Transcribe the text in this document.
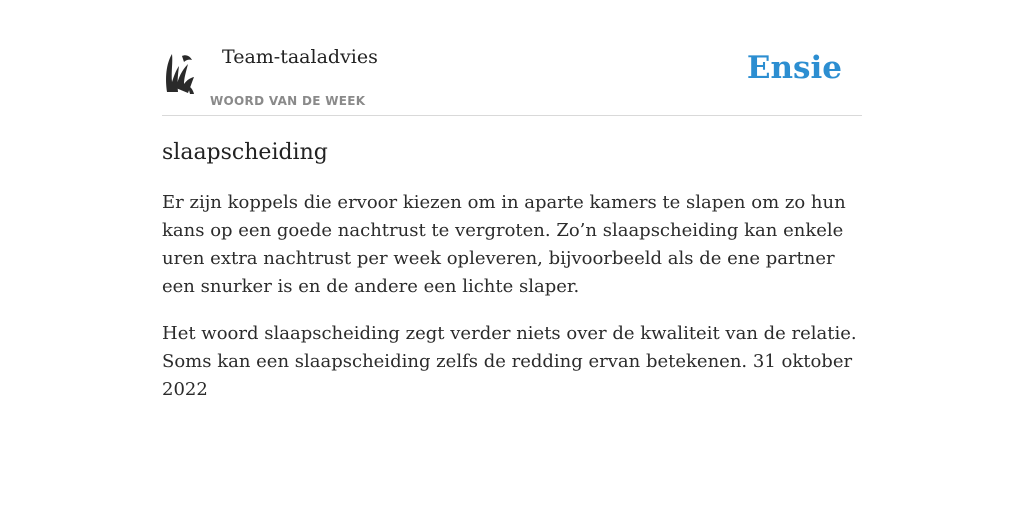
Team-taaladvies
WOORD VAN DE WEEK
Ensie
slaapscheiding

Er zijn koppels die ervoor kiezen om in aparte kamers te slapen om zo hun kans op een goede nachtrust te vergroten. Zo’n slaapscheiding kan enkele uren extra nachtrust per week opleveren, bijvoorbeeld als de ene partner een snurker is en de andere een lichte slaper.

Het woord slaapscheiding zegt verder niets over de kwaliteit van de relatie. Soms kan een slaapscheiding zelfs de redding ervan betekenen. 31 oktober 2022
